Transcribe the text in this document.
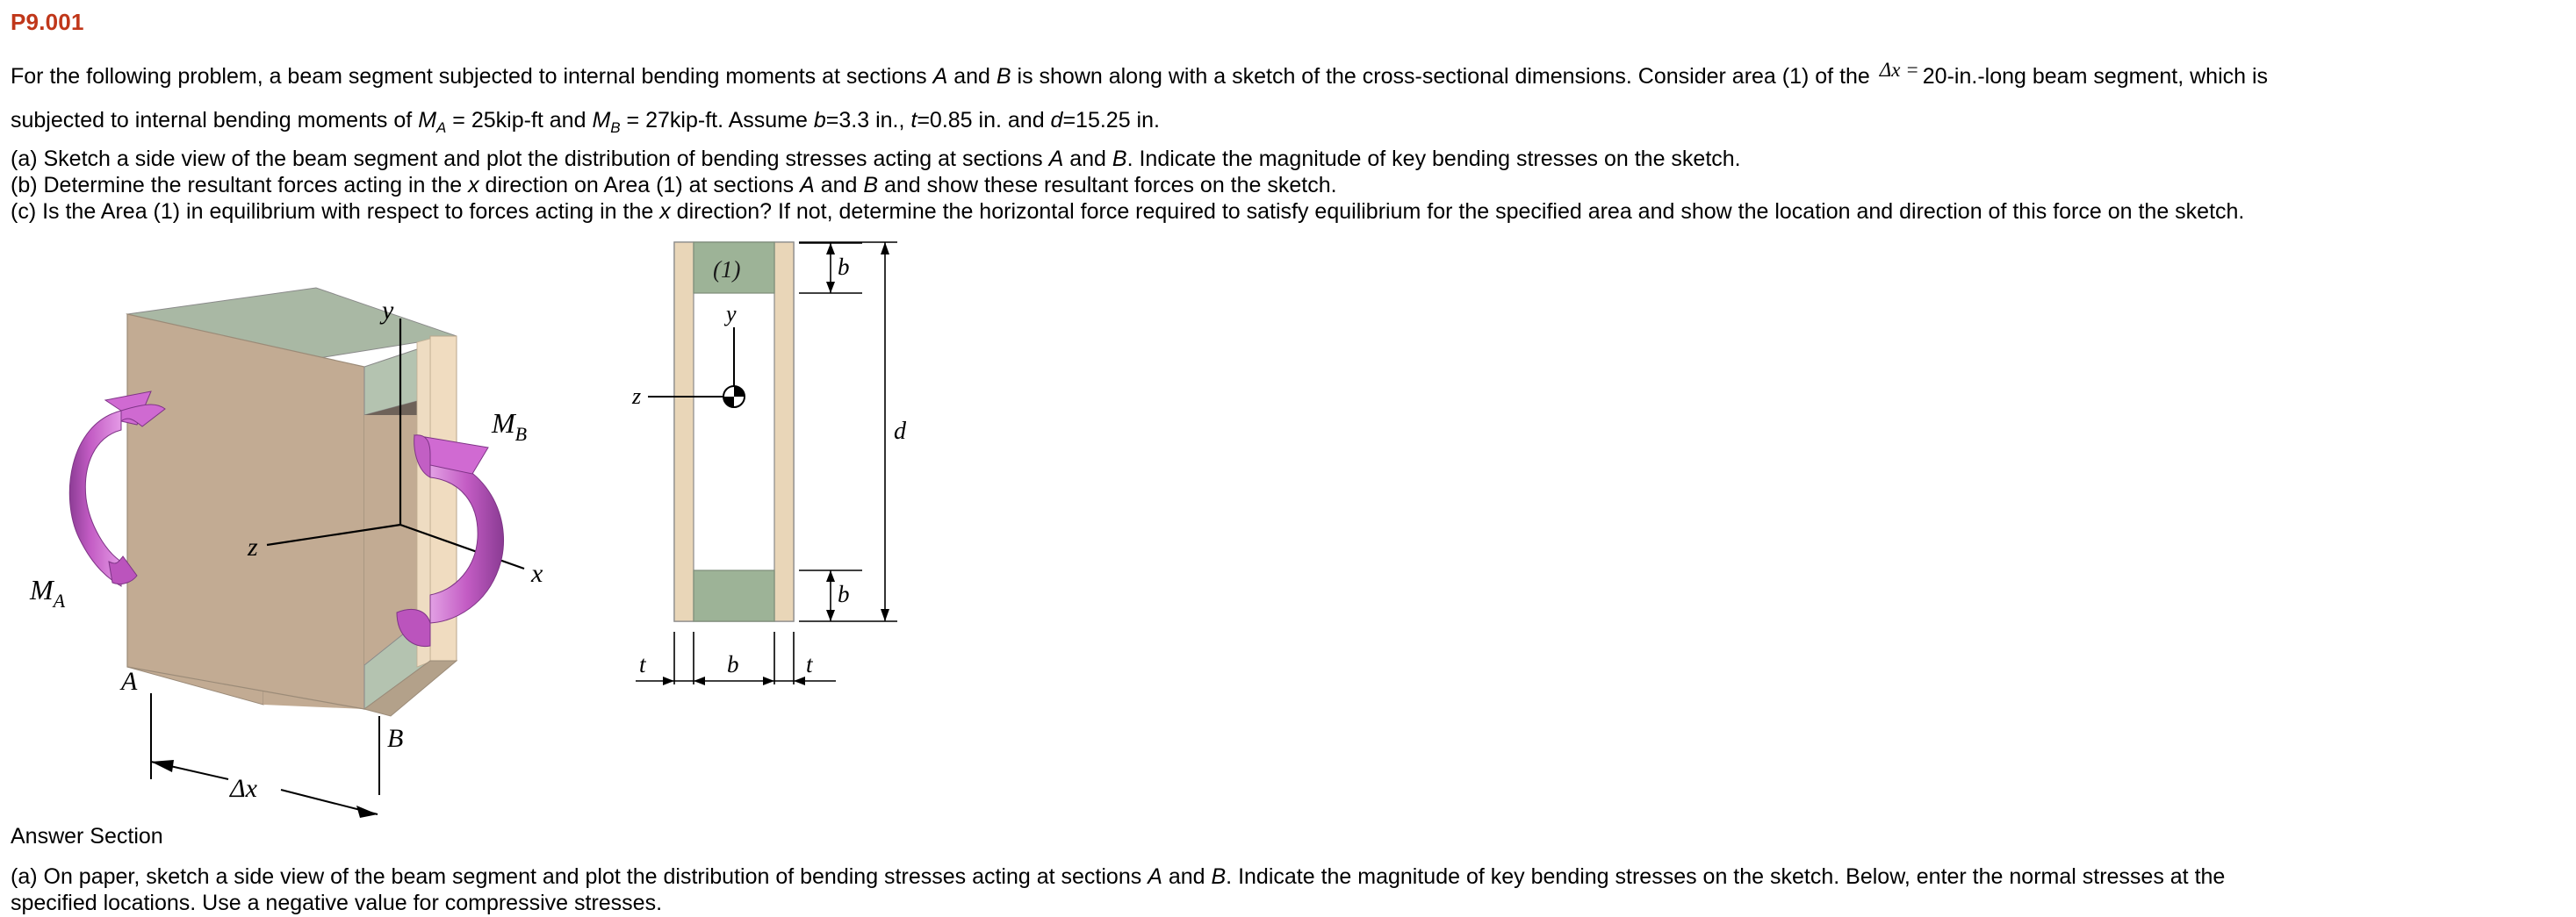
P9.001
For the following problem, a beam segment subjected to internal bending moments at sections A and B is shown along with a sketch of the cross-sectional dimensions. Consider area (1) of the Δx =20-in.-long beam segment, which is
subjected to internal bending moments of $M_A = 25kip-ft$ and $M_B = 27kip-ft$. Assume b=3.3 in., t=0.85 in. and d=15.25 in.
(a) Sketch a side view of the beam segment and plot the distribution of bending stresses acting at sections A and B. Indicate the magnitude of key bending stresses on the sketch.
(b) Determine the resultant forces acting in the x direction on Area (1) at sections A and B and show these resultant forces on the sketch.
(c) Is the Area (1) in equilibrium with respect to forces acting in the x direction? If not, determine the horizontal force required to satisfy equilibrium for the specified area and show the location and direction of this force on the sketch.
y
z
x
$M_A$
$M_B$
A
B
Δx
(1)
y
z
b
b
d
t	b	t
Answer Section
(a) On paper, sketch a side view of the beam segment and plot the distribution of bending stresses acting at sections A and B. Indicate the magnitude of key bending stresses on the sketch. Below, enter the normal stresses at the
specified locations. Use a negative value for compressive stresses.
